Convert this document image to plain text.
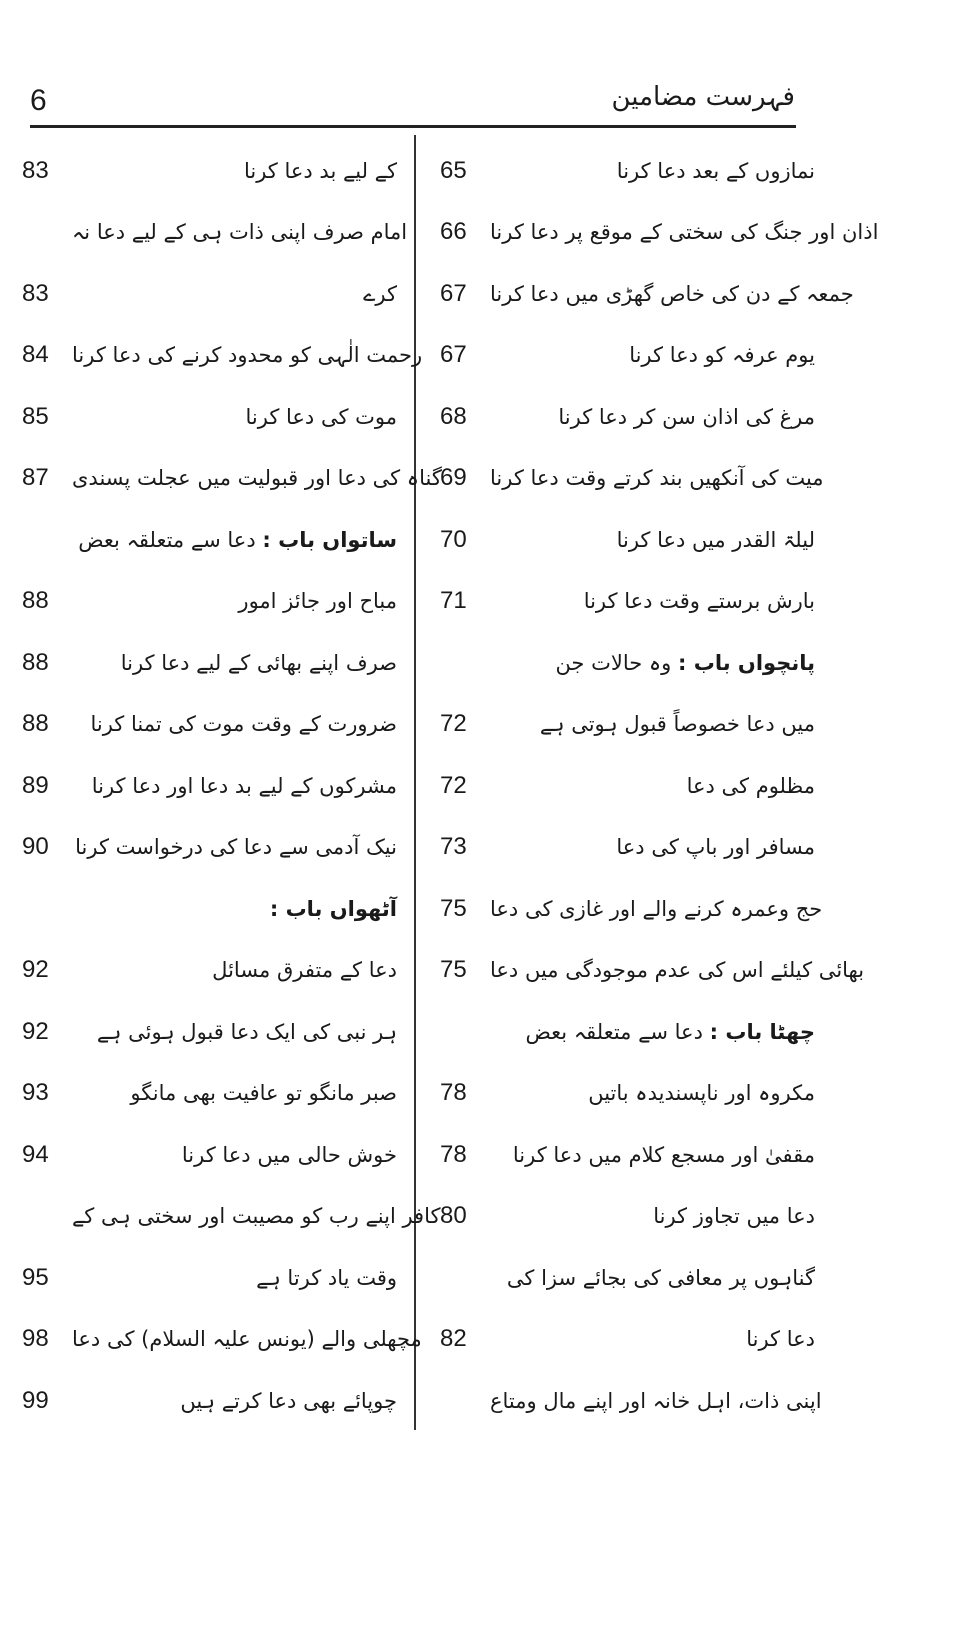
6	فہرست مضامین
65	نمازوں کے بعد دعا کرنا
66	اذان اور جنگ کی سختی کے موقع پر دعا کرنا
67	جمعہ کے دن کی خاص گھڑی میں دعا کرنا
67	یوم عرفہ کو دعا کرنا
68	مرغ کی اذان سن کر دعا کرنا
69	میت کی آنکھیں بند کرتے وقت دعا کرنا
70	لیلۃ القدر میں دعا کرنا
71	بارش برستے وقت دعا کرنا
پانچواں باب : وہ حالات جن
72	میں دعا خصوصاً قبول ہوتی ہے
72	مظلوم کی دعا
73	مسافر اور باپ کی دعا
75	حج وعمرہ کرنے والے اور غازی کی دعا
75	بھائی کیلئے اس کی عدم موجودگی میں دعا
چھٹا باب : دعا سے متعلقہ بعض
78	مکروہ اور ناپسندیدہ باتیں
78	مقفیٰ اور مسجع کلام میں دعا کرنا
80	دعا میں تجاوز کرنا
گناہوں پر معافی کی بجائے سزا کی
82	دعا کرنا
اپنی ذات، اہل خانہ اور اپنے مال ومتاع
83	کے لیے بد دعا کرنا
امام صرف اپنی ذات ہی کے لیے دعا نہ
83	کرے
84	رحمت الٰہی کو محدود کرنے کی دعا کرنا
85	موت کی دعا کرنا
87	گناہ کی دعا اور قبولیت میں عجلت پسندی
ساتواں باب : دعا سے متعلقہ بعض
88	مباح اور جائز امور
88	صرف اپنے بھائی کے لیے دعا کرنا
88	ضرورت کے وقت موت کی تمنا کرنا
89	مشرکوں کے لیے بد دعا اور دعا کرنا
90	نیک آدمی سے دعا کی درخواست کرنا
آٹھواں باب :
92	دعا کے متفرق مسائل
92	ہر نبی کی ایک دعا قبول ہوئی ہے
93	صبر مانگو تو عافیت بھی مانگو
94	خوش حالی میں دعا کرنا
کافر اپنے رب کو مصیبت اور سختی ہی کے
95	وقت یاد کرتا ہے
98	مچھلی والے (یونس علیہ السلام) کی دعا
99	چوپائے بھی دعا کرتے ہیں
